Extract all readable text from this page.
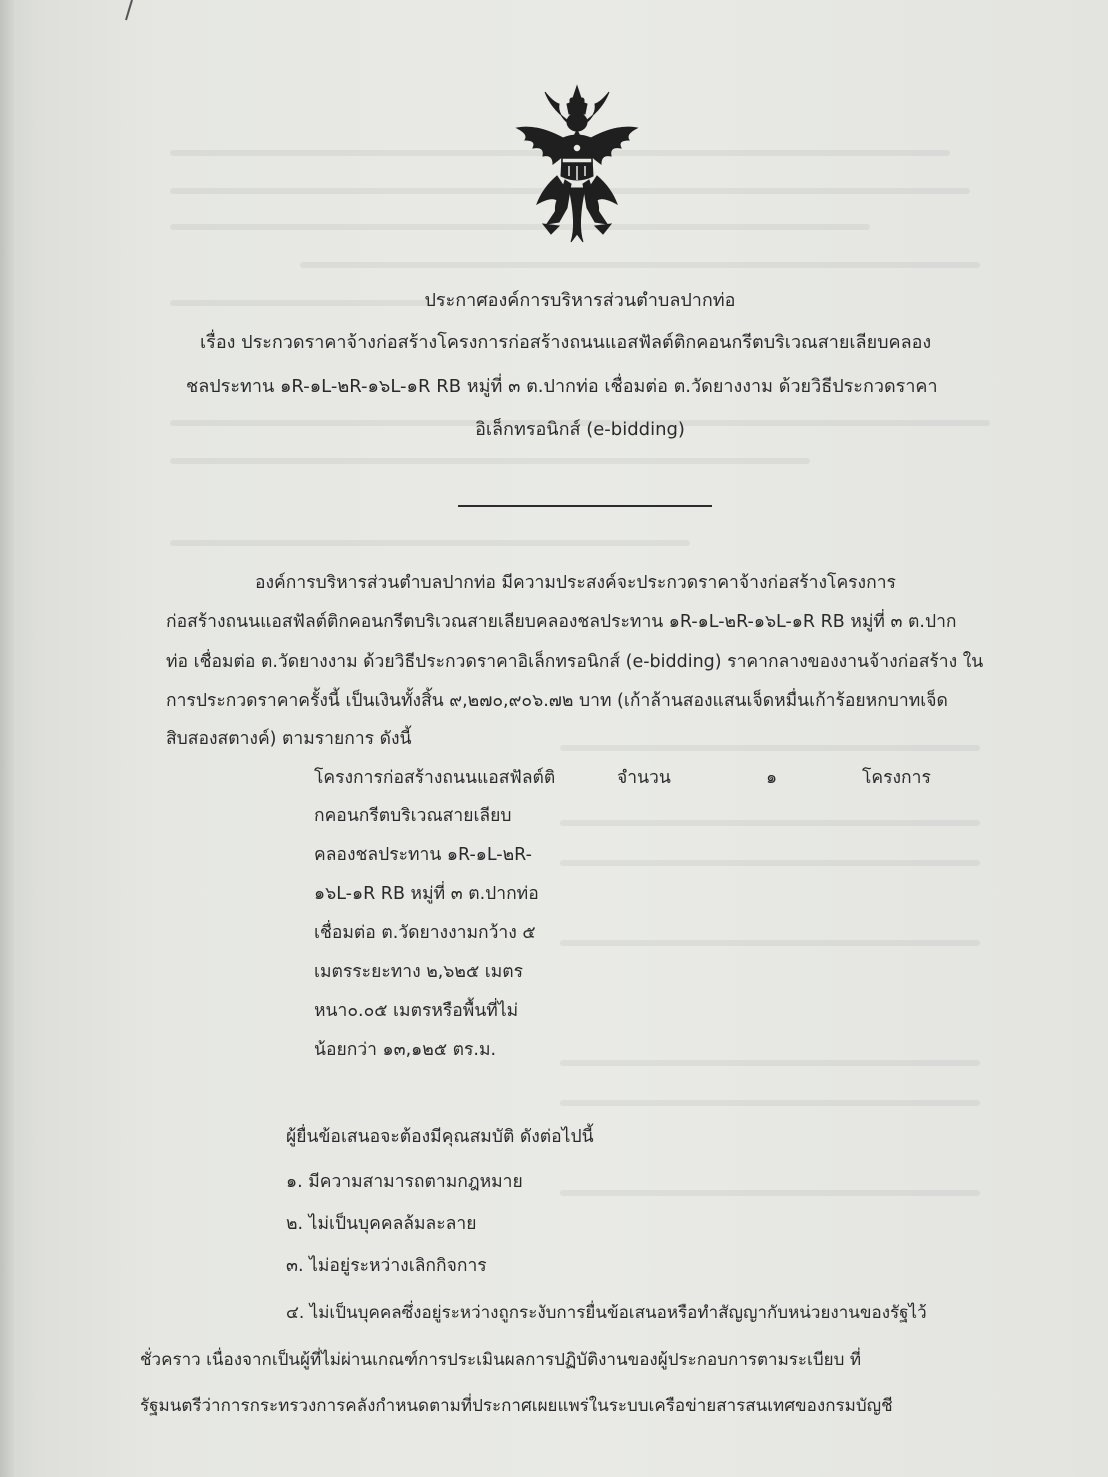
ประกาศองค์การบริหารส่วนตำบลปากท่อ
เรื่อง ประกวดราคาจ้างก่อสร้างโครงการก่อสร้างถนนแอสฟัลต์ติกคอนกรีตบริเวณสายเลียบคลอง
ชลประทาน ๑R-๑L-๒R-๑๖L-๑R RB หมู่ที่ ๓ ต.ปากท่อ เชื่อมต่อ ต.วัดยางงาม ด้วยวิธีประกวดราคา
อิเล็กทรอนิกส์ (e-bidding)
องค์การบริหารส่วนตำบลปากท่อ มีความประสงค์จะประกวดราคาจ้างก่อสร้างโครงการ
ก่อสร้างถนนแอสฟัลต์ติกคอนกรีตบริเวณสายเลียบคลองชลประทาน ๑R-๑L-๒R-๑๖L-๑R RB หมู่ที่ ๓ ต.ปาก
ท่อ เชื่อมต่อ ต.วัดยางงาม ด้วยวิธีประกวดราคาอิเล็กทรอนิกส์ (e-bidding) ราคากลางของงานจ้างก่อสร้าง ใน
การประกวดราคาครั้งนี้ เป็นเงินทั้งสิ้น ๙,๒๗๐,๙๐๖.๗๒ บาท (เก้าล้านสองแสนเจ็ดหมื่นเก้าร้อยหกบาทเจ็ด
สิบสองสตางค์) ตามรายการ ดังนี้
โครงการก่อสร้างถนนแอสฟัลต์ติ	จำนวน	๑	โครงการ
กคอนกรีตบริเวณสายเลียบ
คลองชลประทาน ๑R-๑L-๒R-
๑๖L-๑R RB หมู่ที่ ๓ ต.ปากท่อ
เชื่อมต่อ ต.วัดยางงามกว้าง ๕
เมตรระยะทาง ๒,๖๒๕ เมตร
หนา๐.๐๕ เมตรหรือพื้นที่ไม่
น้อยกว่า ๑๓,๑๒๕ ตร.ม.
ผู้ยื่นข้อเสนอจะต้องมีคุณสมบัติ ดังต่อไปนี้
๑. มีความสามารถตามกฎหมาย
๒. ไม่เป็นบุคคลล้มละลาย
๓. ไม่อยู่ระหว่างเลิกกิจการ
๔. ไม่เป็นบุคคลซึ่งอยู่ระหว่างถูกระงับการยื่นข้อเสนอหรือทำสัญญากับหน่วยงานของรัฐไว้
ชั่วคราว เนื่องจากเป็นผู้ที่ไม่ผ่านเกณฑ์การประเมินผลการปฏิบัติงานของผู้ประกอบการตามระเบียบ ที่
รัฐมนตรีว่าการกระทรวงการคลังกำหนดตามที่ประกาศเผยแพร่ในระบบเครือข่ายสารสนเทศของกรมบัญชี
